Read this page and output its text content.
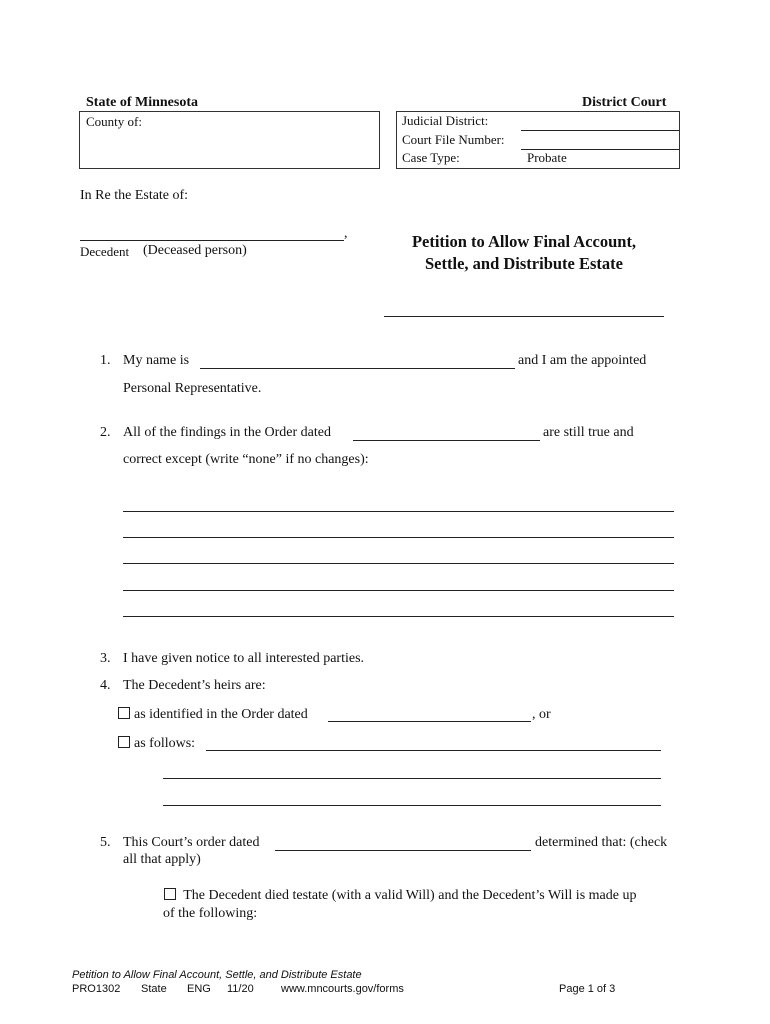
State of Minnesota	District Court
County of:	Judicial District:
Court File Number:
Case Type:	Probate
In Re the Estate of:
,
Decedent (Deceased person)	Petition to Allow Final Account,
Settle, and Distribute Estate
1. My name is	and I am the appointed
Personal Representative.
2. All of the findings in the Order dated	are still true and
correct except (write “none” if no changes):
3. I have given notice to all interested parties.
4. The Decedent’s heirs are:
as identified in the Order dated	, or
as follows:
5. This Court’s order dated	determined that: (check
all that apply)
The Decedent died testate (with a valid Will) and the Decedent’s Will is made up
of the following:
Petition to Allow Final Account, Settle, and Distribute Estate
PRO1302 State ENG 11/20 www.mncourts.gov/forms	Page 1 of 3
